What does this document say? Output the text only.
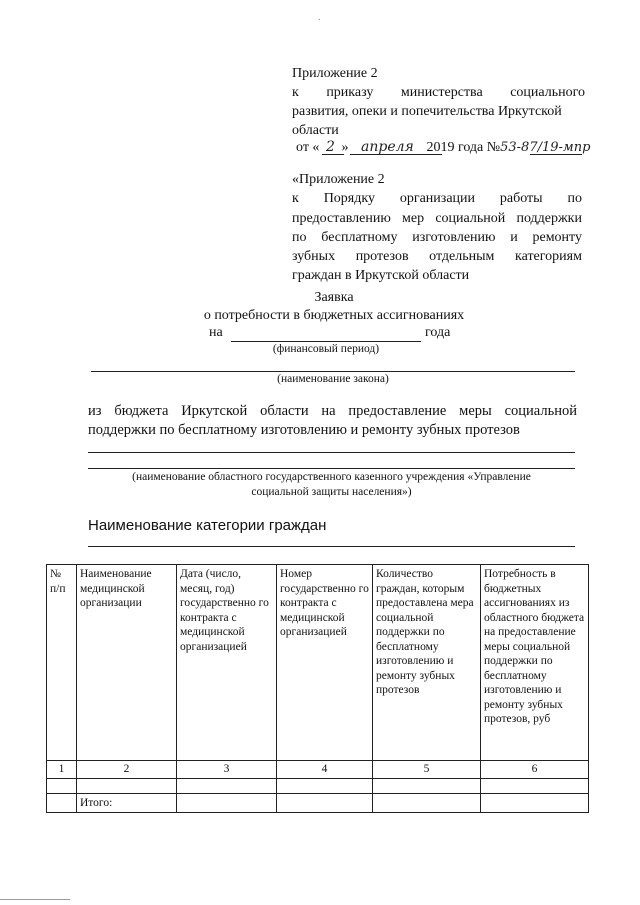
.
Приложение 2
к приказу министерства социального
развития, опеки и попечительства Иркутской
области
от « 2 » апреля 2019 года №53-87/19-мпр
«Приложение 2
к Порядку организации работы по
предоставлению мер социальной поддержки
по бесплатному изготовлению и ремонту
зубных протезов отдельным категориям
граждан в Иркутской области
Заявка
о потребности в бюджетных ассигнованиях
на	года
(финансовый период)
(наименование закона)
из бюджета Иркутской области на предоставление меры социальной
поддержки по бесплатному изготовлению и ремонту зубных протезов
(наименование областного государственного казенного учреждения «Управление
социальной защиты населения»)
Наименование категории граждан
№ п/п	Наименование медицинской организации	Дата (число, месяц, год) государственно го контракта с медицинской организацией	Номер государственно го контракта с медицинской организацией	Количество граждан, которым предоставлена мера социальной поддержки по бесплатному изготовлению и ремонту зубных протезов	Потребность в бюджетных ассигнованиях из областного бюджета на предоставление меры социальной поддержки по бесплатному изготовлению и ремонту зубных протезов, руб
1	2	3	4	5	6

	Итого:				
